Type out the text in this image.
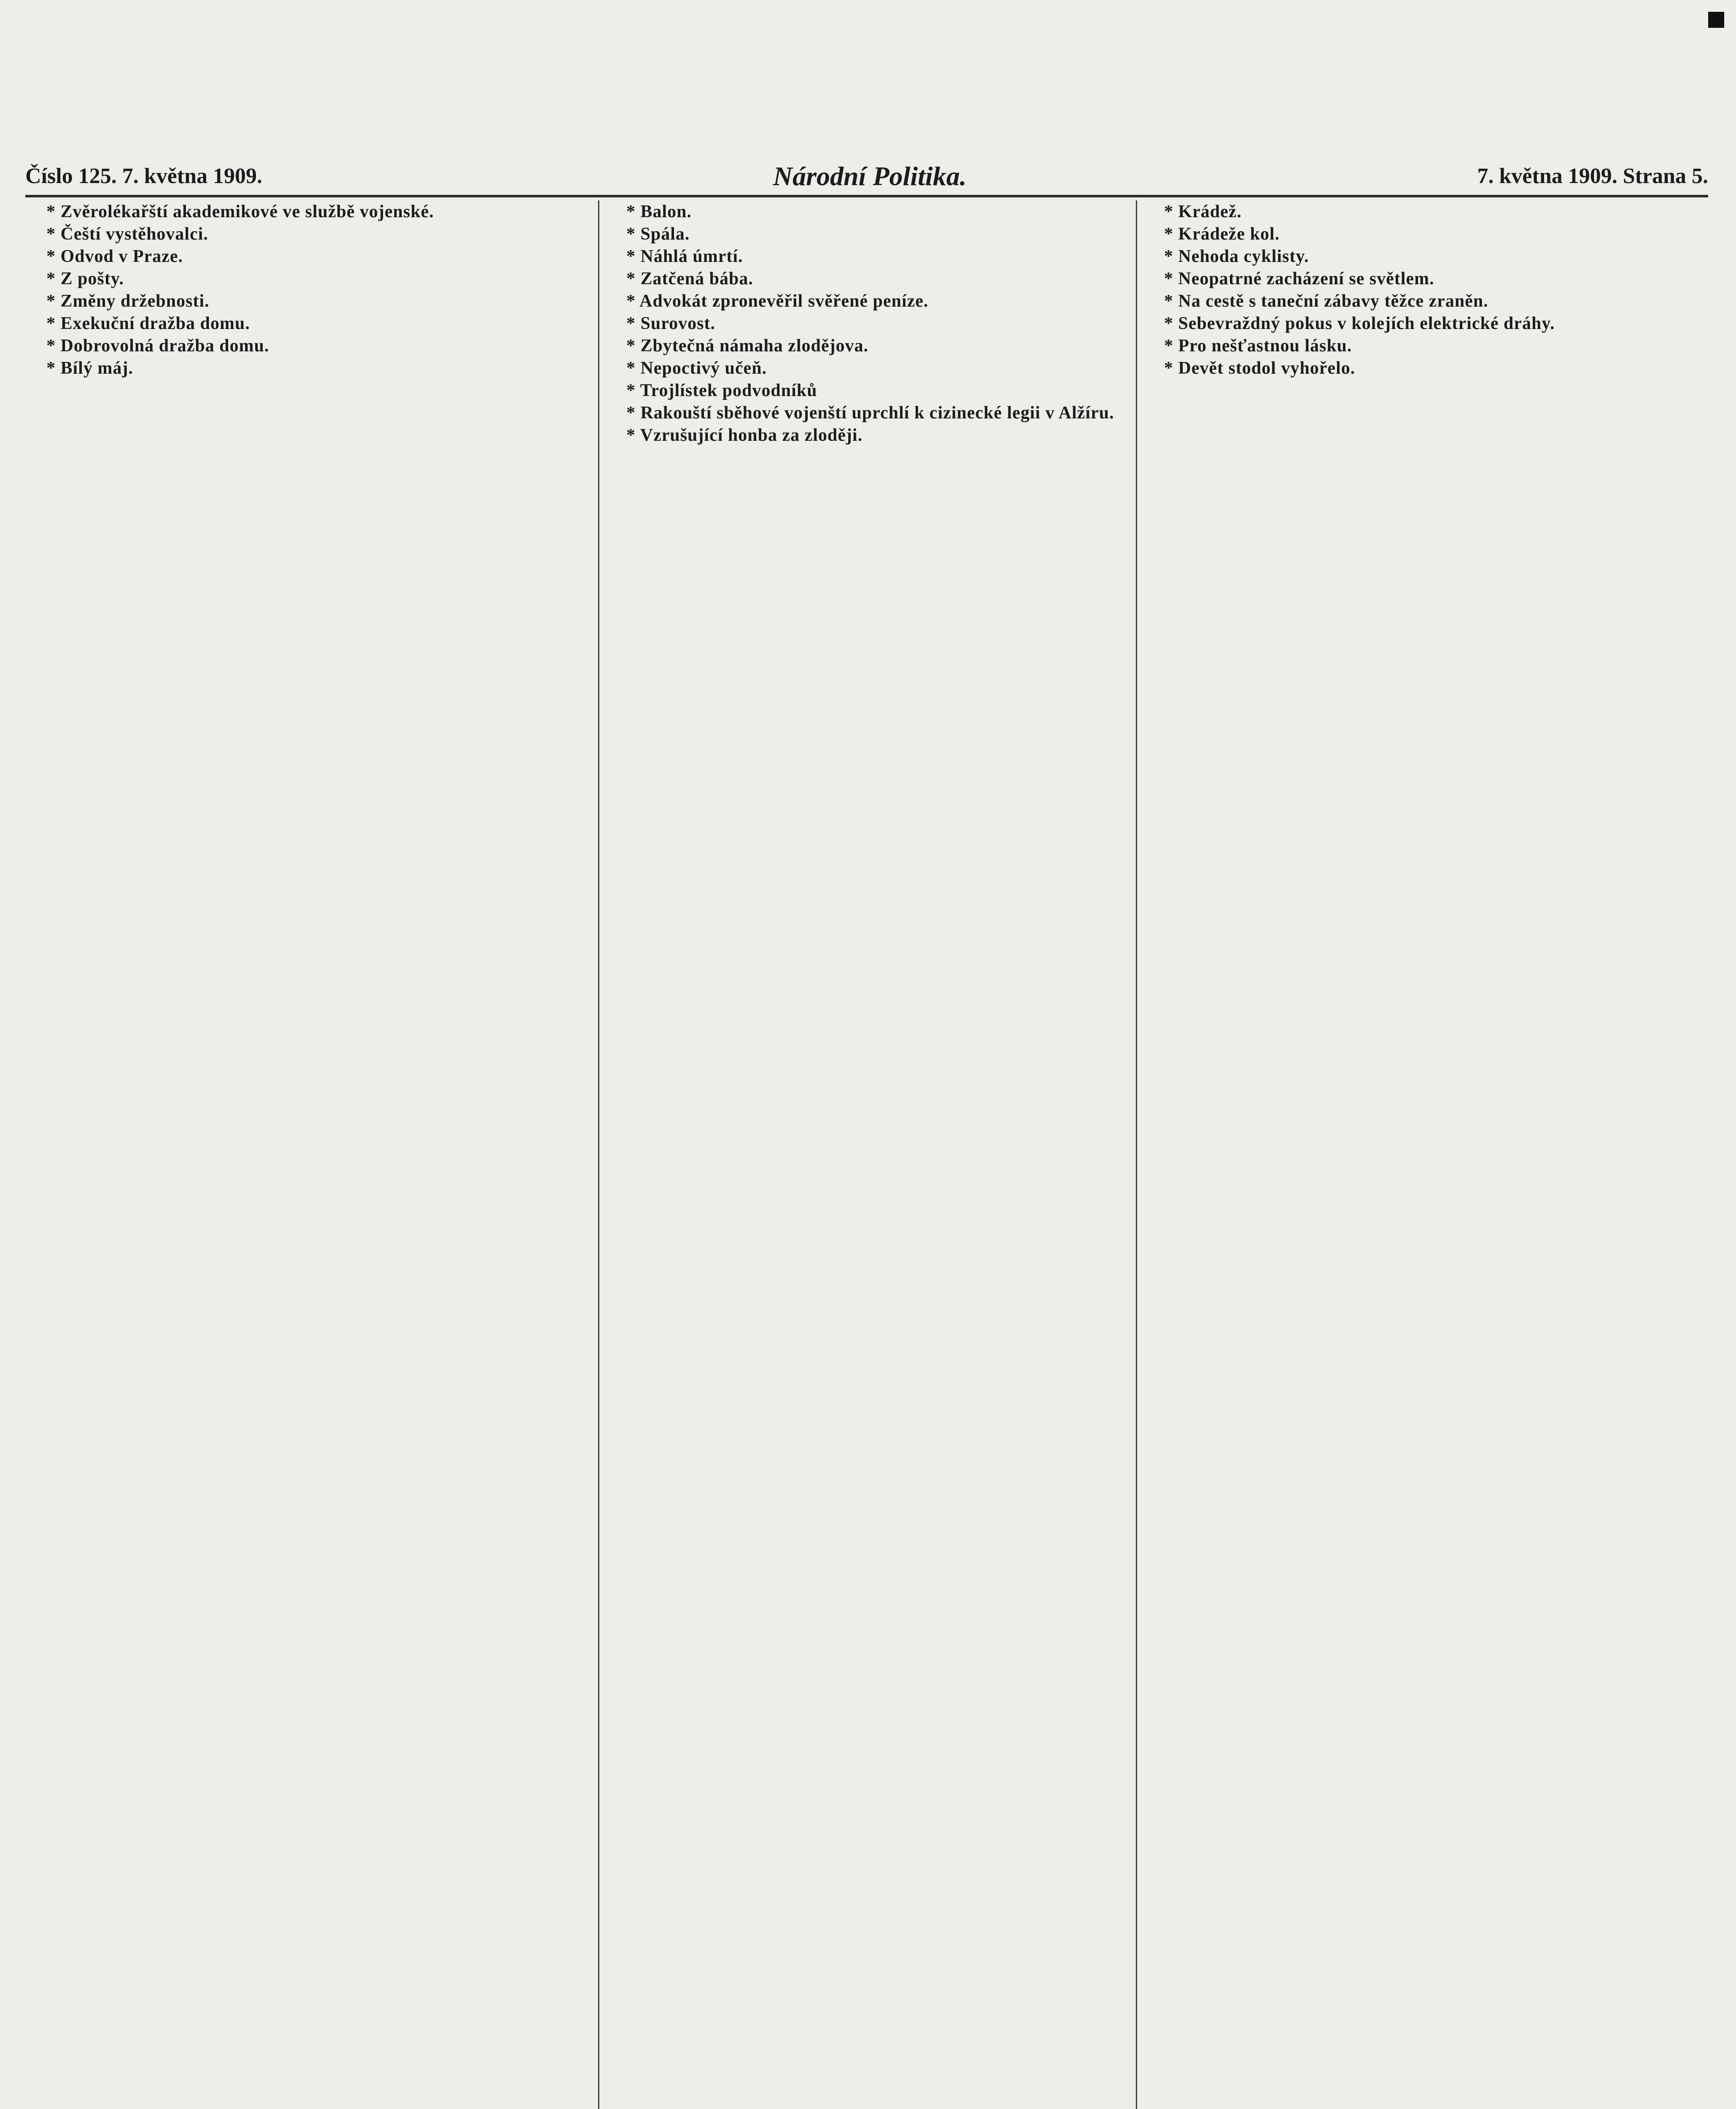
Číslo 125. 7. května 1909.	Národní Politika.	7. května 1909. Strana 5.

* Zvěrolékařští akademikové ve službě vojenské.

* Čeští vystěhovalci.

* Odvod v Praze.

* Z pošty.

* Změny držebnosti.

* Exekuční dražba domu.

* Dobrovolná dražba domu.

* Bílý máj.

* Balon.

* Spála.

* Náhlá úmrtí.

* Zatčená bába.

* Advokát zpronevěřil svěřené peníze.

* Surovost.

* Zbytečná námaha zlodějova.

* Nepoctivý učeň.

* Trojlístek podvodníků

* Rakouští sběhové vojenští uprchlí k cizinecké legii v Alžíru.

* Vzrušující honba za zloději.

* Krádež.

* Krádeže kol.

* Nehoda cyklisty.

* Neopatrné zacházení se světlem.

* Na cestě s taneční zábavy těžce zraněn.

* Sebevraždný pokus v kolejích elektrické dráhy.

* Pro nešťastnou lásku.

* Devět stodol vyhořelo.
